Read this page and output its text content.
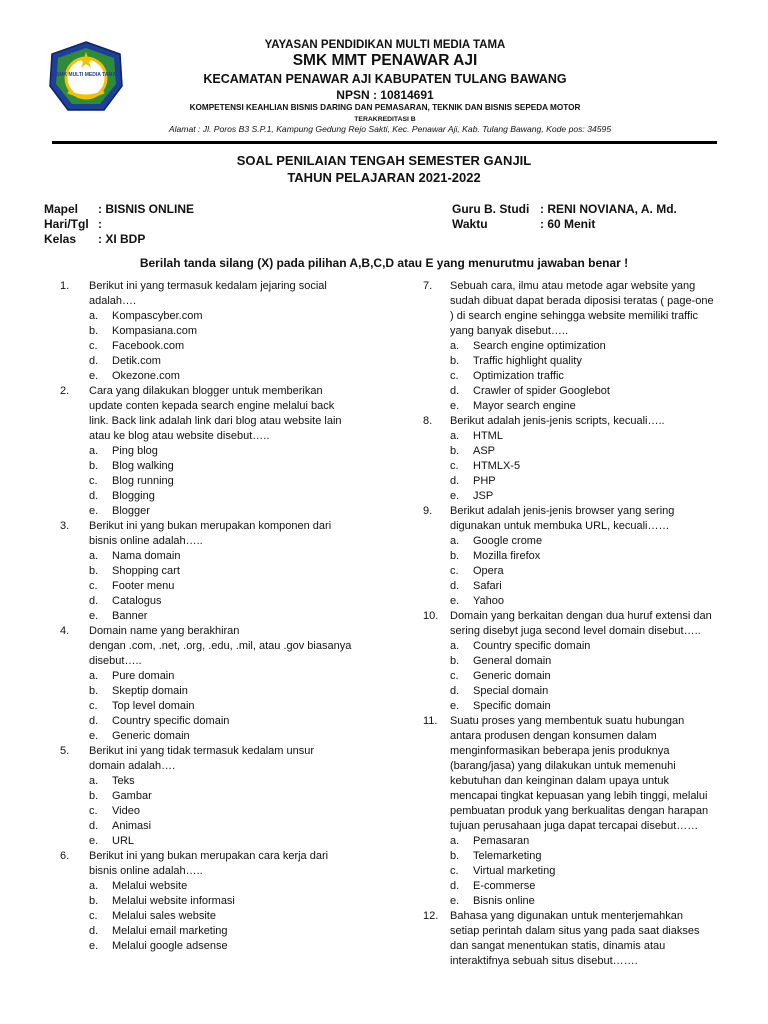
SMK MULTI MEDIA TAMA
YAYASAN PENDIDIKAN MULTI MEDIA TAMA
SMK MMT PENAWAR AJI
KECAMATAN PENAWAR AJI KABUPATEN TULANG BAWANG
NPSN : 10814691
KOMPETENSI KEAHLIAN BISNIS DARING DAN PEMASARAN, TEKNIK DAN BISNIS SEPEDA MOTOR
TERAKREDITASI B
Alamat : Jl. Poros B3 S.P.1, Kampung Gedung Rejo Sakti, Kec. Penawar Aji, Kab. Tulang Bawang, Kode pos: 34595
SOAL PENILAIAN TENGAH SEMESTER GANJIL
TAHUN PELAJARAN 2021-2022
Mapel : BISNIS ONLINE
Hari/Tgl :
Kelas : XI BDP
Guru B. Studi : RENI NOVIANA, A. Md.
Waktu	: 60 Menit
Berilah tanda silang (X) pada pilihan A,B,C,D atau E yang menurutmu jawaban benar !
1.	Berikut ini yang termasuk kedalam jejaring social
adalah….
a.	Kompascyber.com
b.	Kompasiana.com
c.	Facebook.com
d.	Detik.com
e.	Okezone.com
2.	Cara yang dilakukan blogger untuk memberikan
update conten kepada search engine melalui back
link. Back link adalah link dari blog atau website lain
atau ke blog atau website disebut…..
a.	Ping blog
b.	Blog walking
c.	Blog running
d.	Blogging
e.	Blogger
3.	Berikut ini yang bukan merupakan komponen dari
bisnis online adalah…..
a.	Nama domain
b.	Shopping cart
c.	Footer menu
d.	Catalogus
e.	Banner
4.	Domain name yang berakhiran
dengan .com, .net, .org, .edu, .mil, atau .gov biasanya
disebut…..
a.	Pure domain
b.	Skeptip domain
c.	Top level domain
d.	Country specific domain
e.	Generic domain
5.	Berikut ini yang tidak termasuk kedalam unsur
domain adalah….
a.	Teks
b.	Gambar
c.	Video
d.	Animasi
e.	URL
6.	Berikut ini yang bukan merupakan cara kerja dari
bisnis online adalah…..
a.	Melalui website
b.	Melalui website informasi
c.	Melalui sales website
d.	Melalui email marketing
e.	Melalui google adsense
7.	Sebuah cara, ilmu atau metode agar website yang
sudah dibuat dapat berada diposisi teratas ( page-one
) di search engine sehingga website memiliki traffic
yang banyak disebut…..
a.	Search engine optimization
b.	Traffic highlight quality
c.	Optimization traffic
d.	Crawler of spider Googlebot
e.	Mayor search engine
8.	Berikut adalah jenis-jenis scripts, kecuali…..
a.	HTML
b.	ASP
c.	HTMLX-5
d.	PHP
e.	JSP
9.	Berikut adalah jenis-jenis browser yang sering
digunakan untuk membuka URL, kecuali……
a.	Google crome
b.	Mozilla firefox
c.	Opera
d.	Safari
e.	Yahoo
10.	Domain yang berkaitan dengan dua huruf extensi dan
sering disebyt juga second level domain disebut…..
a.	Country specific domain
b.	General domain
c.	Generic domain
d.	Special domain
e.	Specific domain
11.	Suatu proses yang membentuk suatu hubungan
antara produsen dengan konsumen dalam
menginformasikan beberapa jenis produknya
(barang/jasa) yang dilakukan untuk memenuhi
kebutuhan dan keinginan dalam upaya untuk
mencapai tingkat kepuasan yang lebih tinggi, melalui
pembuatan produk yang berkualitas dengan harapan
tujuan perusahaan juga dapat tercapai disebut……
a.	Pemasaran
b.	Telemarketing
c.	Virtual marketing
d.	E-commerse
e.	Bisnis online
12.	Bahasa yang digunakan untuk menterjemahkan
setiap perintah dalam situs yang pada saat diakses
dan sangat menentukan statis, dinamis atau
interaktifnya sebuah situs disebut…….
